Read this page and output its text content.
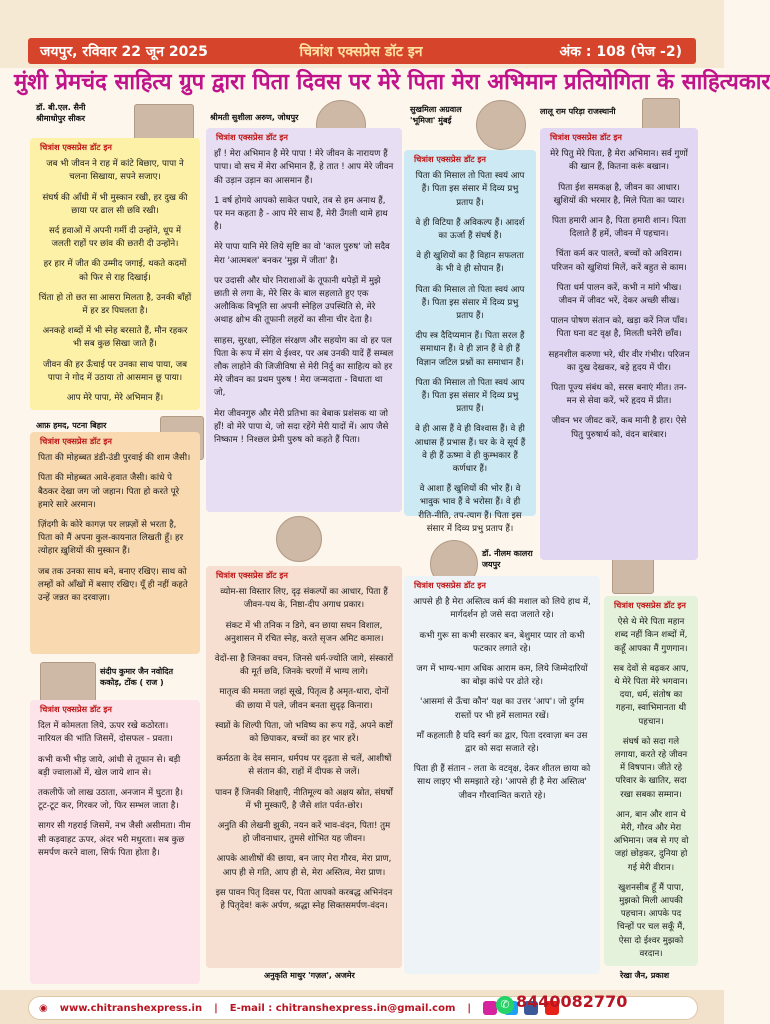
जयपुर, रविवार 22 जून 2025	चित्रांश एक्सप्रेस डॉट इन	अंक : 108 (पेज -2)
मुंशी प्रेमचंद साहित्य ग्रुप द्वारा पिता दिवस पर मेरे पिता मेरा अभिमान प्रतियोगिता के साहित्यकार
डॉ. बी.एल. सैनी
श्रीमाधोपुर सीकर	श्रीमती सुशीला अरुण, जोधपुर
सुखमिला अग्रवाल
'भूमिजा' मुंबई
लालू राम परिड़ा राजस्थानी
आफ़ हमद, पटना बिहार
संदीप कुमार जैन नवोदित
ककोड़, टोंक ( राज )
डॉ. नीलम कालरा
जयपुर
अनुकृति माथुर 'गज़ल', अजमेर	रेखा जैन, प्रकाश
चित्रांश एक्सप्रेस डॉट इन

जब भी जीवन ने राह में कांटे बिछाए, पापा ने चलना सिखाया, सपने सजाए।

संघर्ष की आँधी में भी मुस्कान रखी, हर दुख की छाया पर ढाल सी छवि रखी।

सर्द हवाओं में अपनी गर्मी दी उन्होंने, धूप में जलती राहों पर छांव की छतरी दी उन्होंने।

हर हार में जीत की उम्मीद जगाई, थकते कदमों को फिर से राह दिखाई।

चिंता हो तो छत सा आसरा मिलता है, उनकी बाँहों में हर डर पिघलता है।

अनकहे शब्दों में भी स्नेह बरसाते हैं, मौन रहकर भी सब कुछ सिखा जाते हैं।

जीवन की हर ऊँचाई पर उनका साथ पाया, जब पापा ने गोद में उठाया तो आसमान छू पाया।

आप मेरे पापा, मेरे अभिमान हैं।

चित्रांश एक्सप्रेस डॉट इन

पिता की मोहब्बत डंडी-उंडी पुरवाई की शाम जैसी।

पिता की मोहब्बत आवे-हवात जैसी। कांधे पे बैठकर देखा जग जो जहान। पिता हो करते पूरे हमारे सारे अरमान।

ज़िंदगी के कोरे कागज़ पर लफ़्ज़ों से भरता है, पिता को मैं अपना कुल-कायनात लिखती हूँ। हर त्योहार ख़ुशियों की मुस्कान हैं।

जब तक उनका साथ बने, बनाए रखिए। साथ को लम्हों को आँखों में बसाए रखिए। यूँ ही नहीं कहते उन्हें जन्नत का दरवाज़ा।

चित्रांश एक्सप्रेस डॉट इन

दिल में कोमलता लिये, ऊपर रखे कठोरता। नारियल की भांति जिसमें, दोसफल - प्रवता।

कभी कभी भीड़ जाये, आंधी से तूफान से। बड़ी बड़ी ज्वालाओं में, खेल जाये शान से।

तकलीफें जो लाख उठाता, अनजान में घुटता है। टूट-टूट कर, गिरकर जो, फिर सम्भल जाता है।

सागर सी गहराई जिसमें, नभ जैसी असीमता। नीम सी कड़वाहट ऊपर, अंदर भरी मधुरता। सब कुछ समर्पण करने वाला, सिर्फ पिता होता है।

चित्रांश एक्सप्रेस डॉट इन

हाँ ! मेरा अभिमान है मेरे पापा ! मेरे जीवन के नारायण हैं पापा। वो सच में मेरा अभिमान हैं, हे तात ! आप मेरे जीवन की उड़ान उड़ान का आसमान हैं।

1 वर्ष होगये आपको साकेत पधारे, तब से हम अनाथ हैं, पर मन कहता है - आप मेरे साथ हैं, मेरी उँगली थामे हाथ है।

मेरे पापा यानि मेरे लिये सृष्टि का वो 'काल पुरुष' जो सदैव मेरा 'आत्मबल' बनकर 'मुझ में जीता' है।

पर उदासी और घोर निराशाओं के तूफानी थपेड़ों में मुझे छाती से लगा के, मेरे सिर के बाल सहलाते हुए एक अलौकिक विभूति सा अपनी स्नेहिल उपस्थिति से, मेरे अथाह क्षोभ की तूफानी लहरों का सीना चीर देता है।

साहस, सुरक्षा, स्नेहिल संरक्षण और सहयोग का वो हर पल पिता के रूप में संग थे ईश्वर, पर अब उनकी यादें हैं सम्बल लौक लाहोने की जिजीविषा से मेरी निर्दु का साहित्य को हर मेरे जीवन का प्रथम पुरुष ! मेरा जन्मदाता - विधाता था जो,

मेरा जीवनगुरु और मेरी प्रतिभा का बेबाक प्रशंसक था जो हाँ! वो मेरे पापा थे, जो सदा रहेंगे मेरी यादों में। आप जैसे निष्काम ! निश्छल प्रेमी पुरुष को कहते हैं पिता।

चित्रांश एक्सप्रेस डॉट इन

व्योम-सा विस्तार लिए, दृढ़ संकल्पों का आधार, पिता हैं जीवन-पथ के, निष्ठा-दीप अगाध प्रकार।

संकट में भी तनिक न डिगे, बन छाया सघन विशाल, अनुशासन में रचित स्नेह, करते सृजन अमिट कमाल।

वेदों-सा है जिनका वचन, जिनसे धर्म-ज्योति जागे, संस्कारों की मूर्त छवि, जिनके चरणों में भाग्य लागे।

मातृत्व की ममता जहां सूखे, पितृत्व है अमृत-धारा, दोनों की छाया में पले, जीवन बनता सुदृढ़ किनारा।

स्वप्नों के शिल्पी पिता, जो भविष्य का रूप गढ़ें, अपने कष्टों को छिपाकर, बच्चों का हर भार हरें।

कर्मठता के देव समान, धर्मपथ पर दृढ़ता से चलें, आशीषों से संतान की, राहों में दीपक से जलें।

पावन हैं जिनकी शिक्षाएँ, नीतिमूल्य को अक्षय स्रोत, संघर्षों में भी मुस्काएँ, है जैसे शांत पर्वत-छोर।

अनुति की लेखनी झुकी, नयन करें भाव-वंदन, पिता! तुम हो जीवनाधार, तुमसे शोभित यह जीवन।

आपके आशीषों की छाया, बन जाए मेरा गौरव, मेरा प्राण, आप ही से गति, आप ही से, मेरा अस्तित्व, मेरा प्राण।

इस पावन पितृ दिवस पर, पिता आपको करबद्ध अभिनंदन हे पितृदेव! करूं अर्पण, श्रद्धा स्नेह सिक्तसमर्पण-वंदन।

चित्रांश एक्सप्रेस डॉट इन

पिता की मिसाल तो पिता स्वयं आप हैं। पिता इस संसार में दिव्य प्रभु प्रताप हैं।

वे ही विटिया हैं अविकल्प हैं। आदर्श का ऊर्जा हैं संघर्ष हैं।

वे ही खुशियों का हैं विहान सफलता के भी वे ही सोपान हैं।

पिता की मिसाल तो पिता स्वयं आप हैं। पिता इस संसार में दिव्य प्रभु प्रताप हैं।

दीप स्त्र दैदिप्यमान हैं। पिता सरल हैं समाधान हैं। वे ही ज्ञान हैं वे ही हैं विज्ञान जटिल प्रश्नों का समाधान हैं।

पिता की मिसाल तो पिता स्वयं आप हैं। पिता इस संसार में दिव्य प्रभु प्रताप हैं।

वे ही आस हैं वे ही विश्वास हैं। वे ही आधास हैं प्रभास हैं। घर के वे सूर्य हैं वे ही हैं ऊष्मा वे ही कुम्भकार हैं कर्णधार हैं।

वे आशा हैं खुशियों की भोर हैं। वे भावुक भाव हैं वे भरोसा हैं। वे ही रीति-नीति, तप-त्याग हैं। पिता इस संसार में दिव्य प्रभु प्रताप हैं।

चित्रांश एक्सप्रेस डॉट इन

आपसे ही है मेरा अस्तित्व कर्म की मशाल को लिये हाथ में, मार्गदर्शन हो जसे सदा जलाते रहे।

कभी गुरू सा कभी सरकार बन, बेशुमार प्यार तो कभी फटकार लगाते रहे।

जग में भाग्य-भाग अधिक आराम कम, लिये जिम्मेदारियों का बोझ कांधे पर ढोते रहे।

'आसमां से ऊँचा कौन' यक्ष का उत्तर 'आप'। जो दुर्गम रास्तों पर भी हमें सलामत रखें।

माँ कहलाती है यदि स्वर्ग का द्वार, पिता दरवाज़ा बन उस द्वार को सदा सजाते रहे।

पिता ही हैं संतान - लता के वटवृक्ष, देकर शीतल छाया को साथ लाइए भी समझाते रहे। 'आपसे ही है मेरा अस्तित्व' जीवन गौरवान्वित कराते रहे।

चित्रांश एक्सप्रेस डॉट इन

मेरे पितु मेरे पिता, है मेरा अभिमान। सर्व गुणों की खान हैं, कितना करूं बखान।

पिता ईश समकक्ष है, जीवन का आधार। खुशियों की भरमार है, मिले पिता का प्यार।

पिता हमारी आन है, पिता हमारी शान। पिता दिलाते हैं हमें, जीवन में पहचान।

चिंता कर्म कर पालते, बच्चों को अविराम। परिजन को खुशियां मिलें, करें बहुत से काम।

पिता धर्म पालन करें, कभी न मांगे भीख। जीवन में जीवट भरें, देकर अच्छी सीख।

पालन पोषण संतान को, खड़ा करें निज पाँव। पिता घना वट वृक्ष है, मिलती घनेरी छाँव।

सहनशील करुणा भरे, धीर वीर गंभीर। परिजन का दुख देखकर, बड़े हृदय में पीर।

पिता पूज्य संबंध को, सरस बनाएं मीत। तन-मन से सेवा करें, भरें हृदय में प्रीत।

जीवन भर जीवट करें, कब मानी है हार। ऐसे पितु पुरुषार्थ को, वंदन बारंबार।

चित्रांश एक्सप्रेस डॉट इन

ऐसे थे मेरे पिता महान शब्द नहीं किन शब्दों में, कहूँ आपका मैं गुणगान।

सब देवों से बढ़कर आप, थे मेरे पिता मेरे भगवान। दया, धर्म, संतोष का गहना, स्वाभिमानता थी पहचान।

संघर्ष को सदा गले लगाया, करते रहे जीवन में विषपान। जीते रहे परिवार के खातिर, सदा रखा सबका सम्मान।

आन, बान और शान थे मेरी, गौरव और मेरा अभिमान। जब से गए वो जहां छोड़कर, दुनिया हो गई मेरी वीरान।

खुशनसीब हूँ मैं पापा, मुझको मिली आपकी पहचान। आपके पद चिन्हों पर चल सकूँ मैं, ऐसा दो ईश्वर मुझको वरदान।

◉ www.chitranshexpress.in | E-mail : chitranshexpress.in@gmail.com |
	✆ 8440082770
